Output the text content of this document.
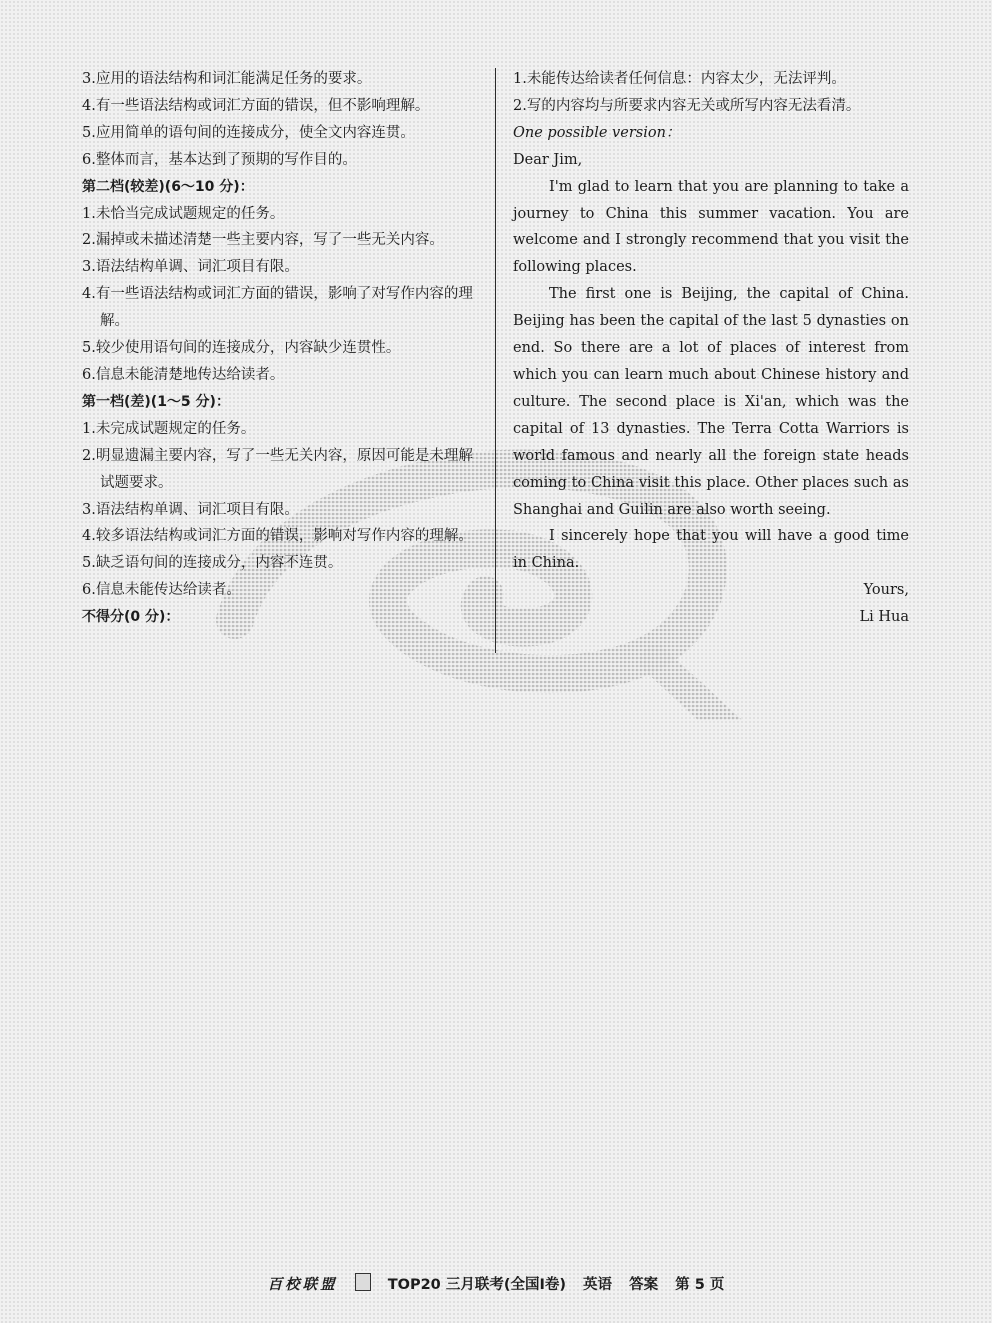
3.应用的语法结构和词汇能满足任务的要求。

4.有一些语法结构或词汇方面的错误，但不影响理解。

5.应用简单的语句间的连接成分，使全文内容连贯。

6.整体而言，基本达到了预期的写作目的。

第二档(较差)(6～10 分)：

1.未恰当完成试题规定的任务。

2.漏掉或未描述清楚一些主要内容，写了一些无关内容。

3.语法结构单调、词汇项目有限。

4.有一些语法结构或词汇方面的错误，影响了对写作内容的理解。

5.较少使用语句间的连接成分，内容缺少连贯性。

6.信息未能清楚地传达给读者。

第一档(差)(1～5 分)：

1.未完成试题规定的任务。

2.明显遗漏主要内容，写了一些无关内容，原因可能是未理解试题要求。

3.语法结构单调、词汇项目有限。

4.较多语法结构或词汇方面的错误，影响对写作内容的理解。

5.缺乏语句间的连接成分，内容不连贯。

6.信息未能传达给读者。

不得分(0 分)：

1.未能传达给读者任何信息：内容太少，无法评判。

2.写的内容均与所要求内容无关或所写内容无法看清。

One possible version：

Dear Jim,

I'm glad to learn that you are planning to take a journey to China this summer vacation. You are welcome and I strongly recommend that you visit the following places.

The first one is Beijing, the capital of China. Beijing has been the capital of the last 5 dynasties on end. So there are a lot of places of interest from which you can learn much about Chinese history and culture. The second place is Xi'an, which was the capital of 13 dynasties. The Terra Cotta Warriors is world famous and nearly all the foreign state heads coming to China visit this place. Other places such as Shanghai and Guilin are also worth seeing.

I sincerely hope that you will have a good time in China.

Yours,

Li Hua

百校联盟	TOP20 三月联考(全国Ⅰ卷) 英语 答案 第 5 页
